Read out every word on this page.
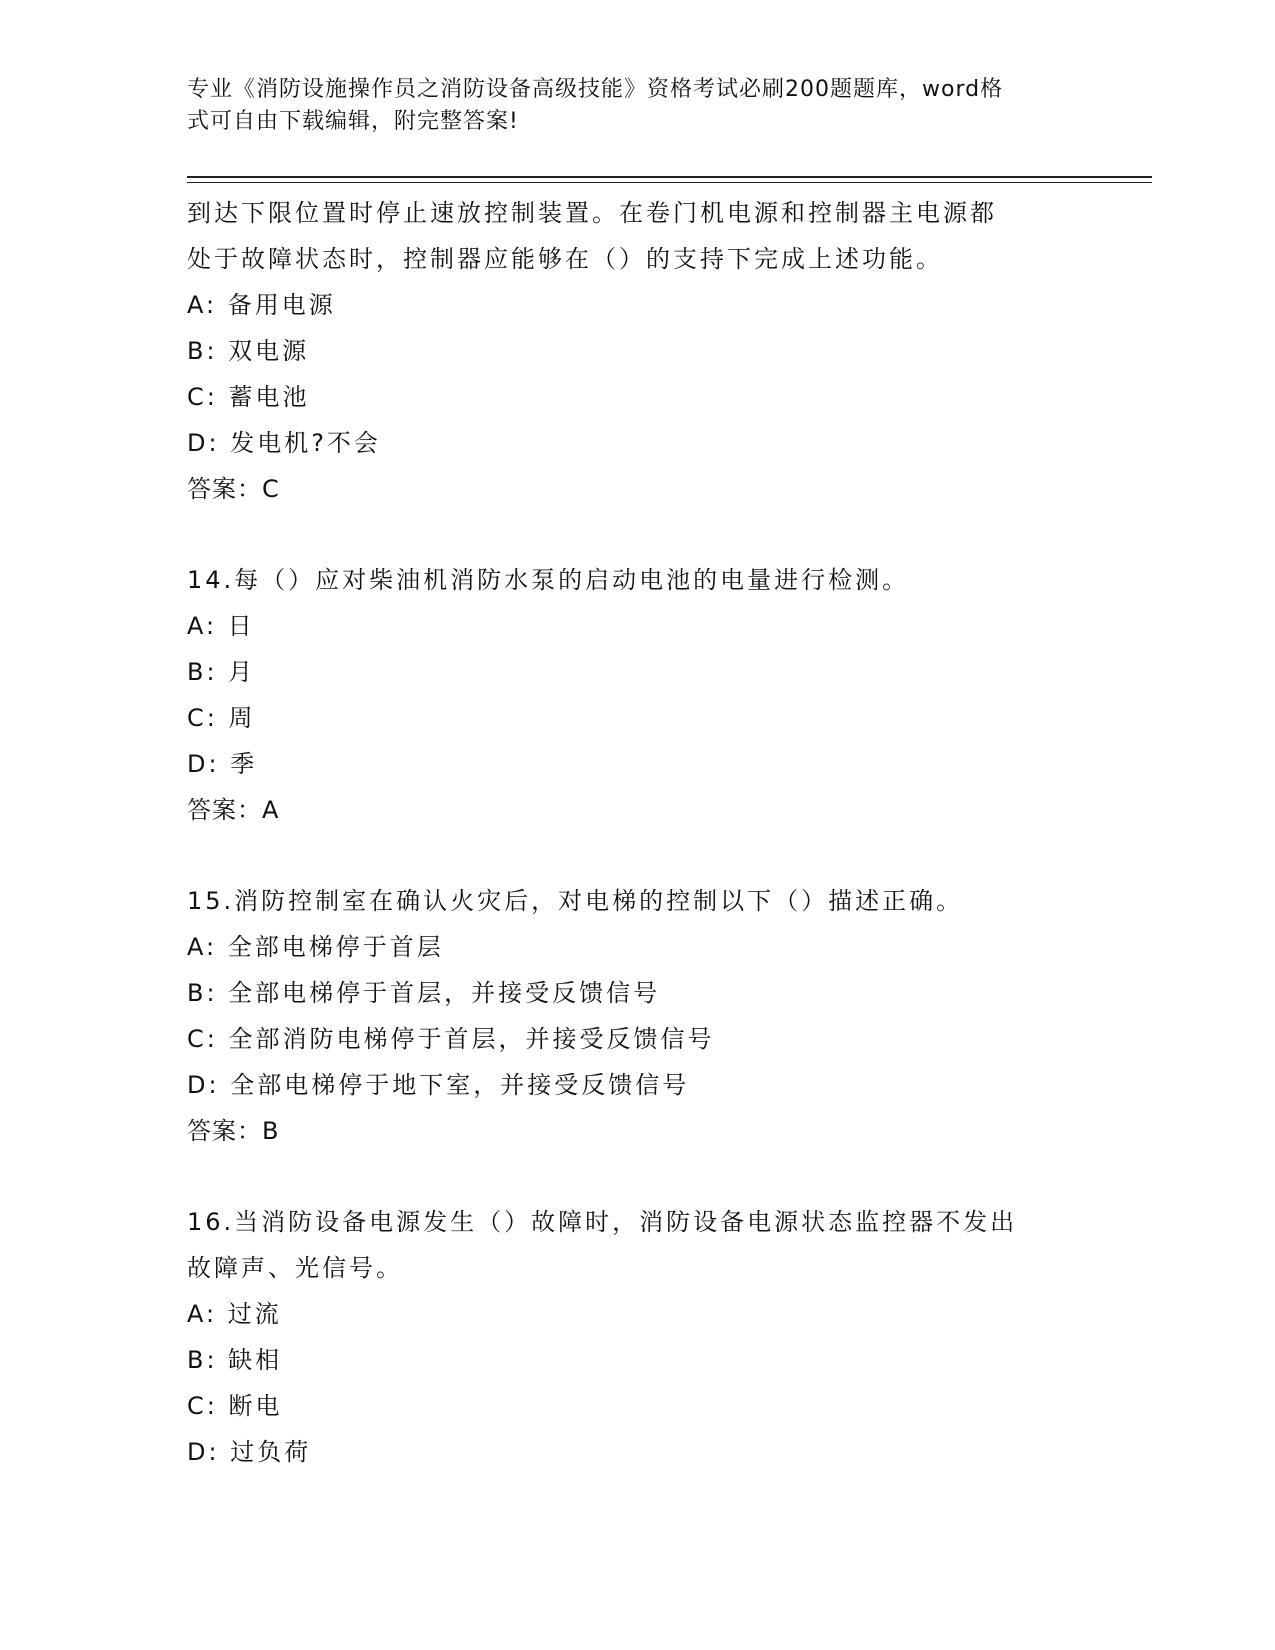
专业《消防设施操作员之消防设备高级技能》资格考试必刷200题题库，word格
式可自由下载编辑，附完整答案!
到达下限位置时停止速放控制装置。在卷门机电源和控制器主电源都
处于故障状态时，控制器应能够在（）的支持下完成上述功能。
A: 备用电源
B: 双电源
C: 蓄电池
D: 发电机?不会
答案：C
14.每（）应对柴油机消防水泵的启动电池的电量进行检测。
A: 日
B: 月
C: 周
D: 季
答案：A
15.消防控制室在确认火灾后，对电梯的控制以下（）描述正确。
A: 全部电梯停于首层
B: 全部电梯停于首层，并接受反馈信号
C: 全部消防电梯停于首层，并接受反馈信号
D: 全部电梯停于地下室，并接受反馈信号
答案：B
16.当消防设备电源发生（）故障时，消防设备电源状态监控器不发出
故障声、光信号。
A: 过流
B: 缺相
C: 断电
D: 过负荷
